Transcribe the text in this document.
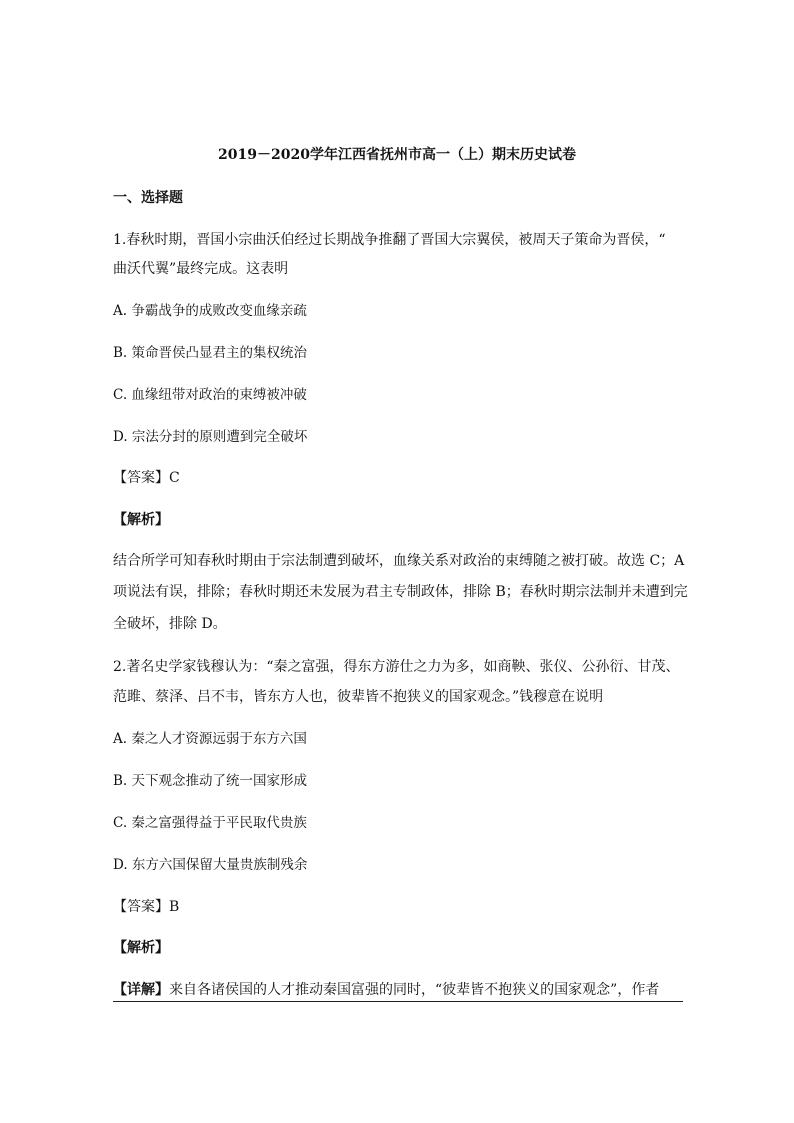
2019－2020学年江西省抚州市高一（上）期末历史试卷
一、选择题
1.春秋时期，晋国小宗曲沃伯经过长期战争推翻了晋国大宗翼侯，被周天子策命为晋侯，“
曲沃代翼”最终完成。这表明
A. 争霸战争的成败改变血缘亲疏
B. 策命晋侯凸显君主的集权统治
C. 血缘纽带对政治的束缚被冲破
D. 宗法分封的原则遭到完全破坏
【答案】C
【解析】
结合所学可知春秋时期由于宗法制遭到破坏，血缘关系对政治的束缚随之被打破。故选 C；A
项说法有误，排除；春秋时期还未发展为君主专制政体，排除 B；春秋时期宗法制并未遭到完
全破坏，排除 D。
2.著名史学家钱穆认为：“秦之富强，得东方游仕之力为多，如商鞅、张仪、公孙衍、甘茂、
范雎、蔡泽、吕不韦，皆东方人也，彼辈皆不抱狭义的国家观念。”钱穆意在说明
A. 秦之人才资源远弱于东方六国
B. 天下观念推动了统一国家形成
C. 秦之富强得益于平民取代贵族
D. 东方六国保留大量贵族制残余
【答案】B
【解析】
【详解】来自各诸侯国的人才推动秦国富强的同时，“彼辈皆不抱狭义的国家观念”，作者
